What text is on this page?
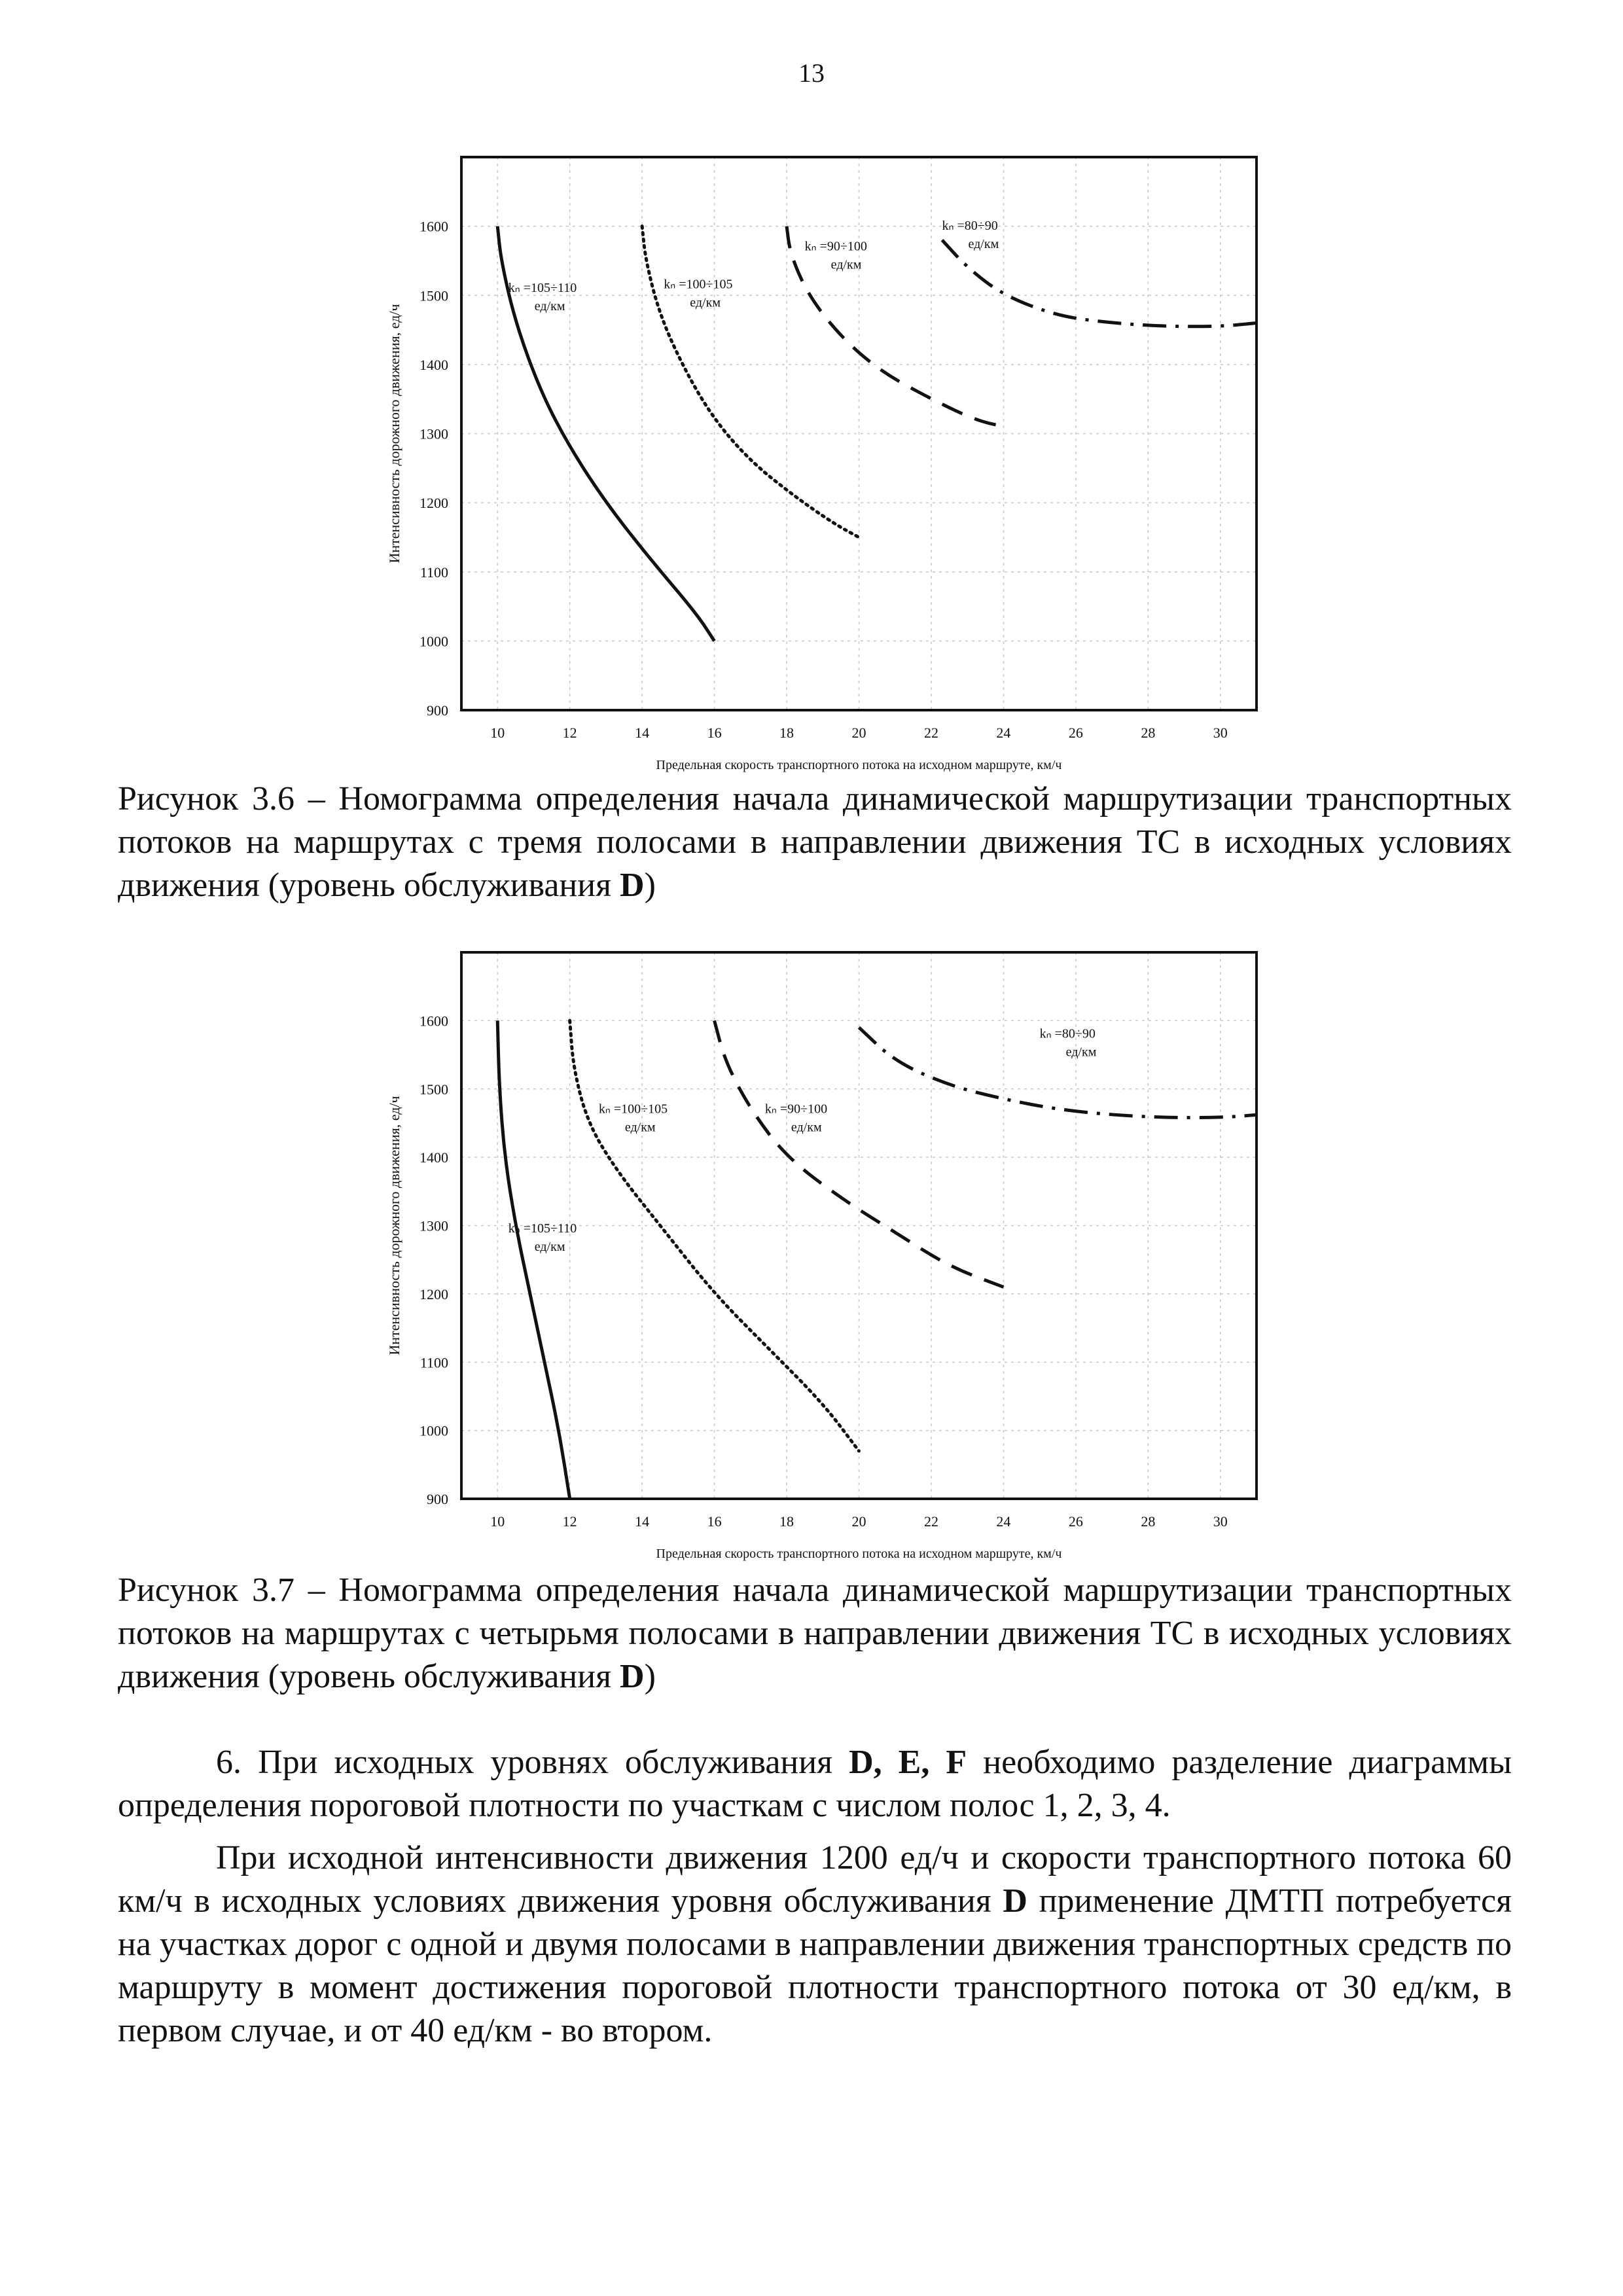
13
10	12	14	16	18	20	22	24	26	28	30
900
1000
1100
1200
1300
1400
1500
1600
Предельная скорость транспортного потока на исходном маршруте, км/ч
Интенсивность дорожного движения, ед/ч
kₙ =105÷110
ед/км
kₙ =100÷105
ед/км
kₙ =90÷100
ед/км
kₙ =80÷90
ед/км

Рисунок 3.6 – Номограмма определения начала динамической маршрутизации транспортных потоков на маршрутах с тремя полосами в направлении движения ТС в исходных условиях движения (уровень обслуживания D)

10	12	14	16	18	20	22	24	26	28	30
900
1000
1100
1200
1300
1400
1500
1600
Предельная скорость транспортного потока на исходном маршруте, км/ч
Интенсивность дорожного движения, ед/ч	kₙ =105÷110
ед/км
kₙ =100÷105
ед/км
kₙ =90÷100
ед/км
kₙ =80÷90
ед/км

Рисунок 3.7 – Номограмма определения начала динамической маршрутизации транспортных потоков на маршрутах с четырьмя полосами в направлении движения ТС в исходных условиях движения (уровень обслуживания D)

6. При исходных уровнях обслуживания D, E, F необходимо разделение диаграммы определения пороговой плотности по участкам с числом полос 1, 2, 3, 4.

При исходной интенсивности движения 1200 ед/ч и скорости транспортного потока 60 км/ч в исходных условиях движения уровня обслуживания D применение ДМТП потребуется на участках дорог с одной и двумя полосами в направлении движения транспортных средств по маршруту в момент достижения пороговой плотности транспортного потока от 30 ед/км, в первом случае, и от 40 ед/км - во втором.
